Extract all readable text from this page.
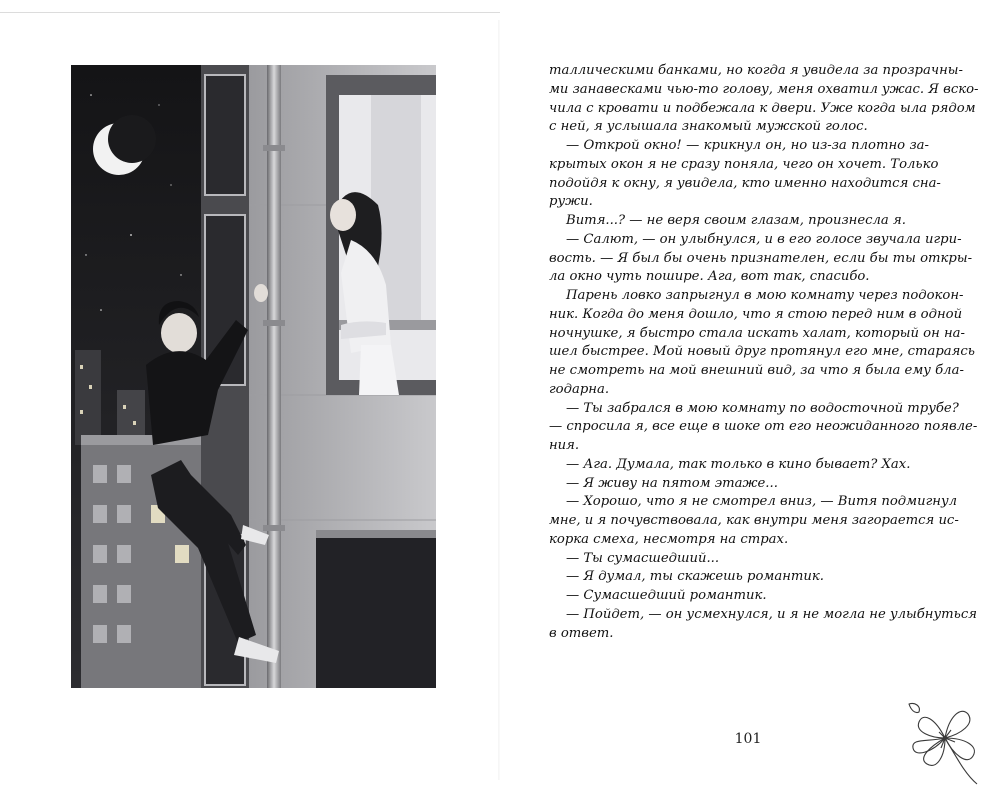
таллическими банками, но когда я увидела за прозрачны-
ми занавесками чью-то голову, меня охватил ужас. Я вско-
чила с кровати и подбежала к двери. Уже когда ыла рядом
с ней, я услышала знакомый мужской голос.
— Открой окно! — крикнул он, но из-за плотно за-
крытых окон я не сразу поняла, чего он хочет. Только
подойдя к окну, я увидела, кто именно находится сна-
ружи.
Витя...? — не веря своим глазам, произнесла я.
— Салют, — он улыбнулся, и в его голосе звучала игри-
вость. — Я был бы очень признателен, если бы ты откры-
ла окно чуть пошире. Ага, вот так, спасибо.
Парень ловко запрыгнул в мою комнату через подокон-
ник. Когда до меня дошло, что я стою перед ним в одной
ночнушке, я быстро стала искать халат, который он на-
шел быстрее. Мой новый друг протянул его мне, стараясь
не смотреть на мой внешний вид, за что я была ему бла-
годарна.
— Ты забрался в мою комнату по водосточной трубе?
— спросила я, все еще в шоке от его неожиданного появле-
ния.
— Ага. Думала, так только в кино бывает? Хах.
— Я живу на пятом этаже...
— Хорошо, что я не смотрел вниз, — Витя подмигнул
мне, и я почувствовала, как внутри меня загорается ис-
корка смеха, несмотря на страх.
— Ты сумасшедший...
— Я думал, ты скажешь романтик.
— Сумасшедший романтик.
— Пойдет, — он усмехнулся, и я не могла не улыбнуться
в ответ.
101
